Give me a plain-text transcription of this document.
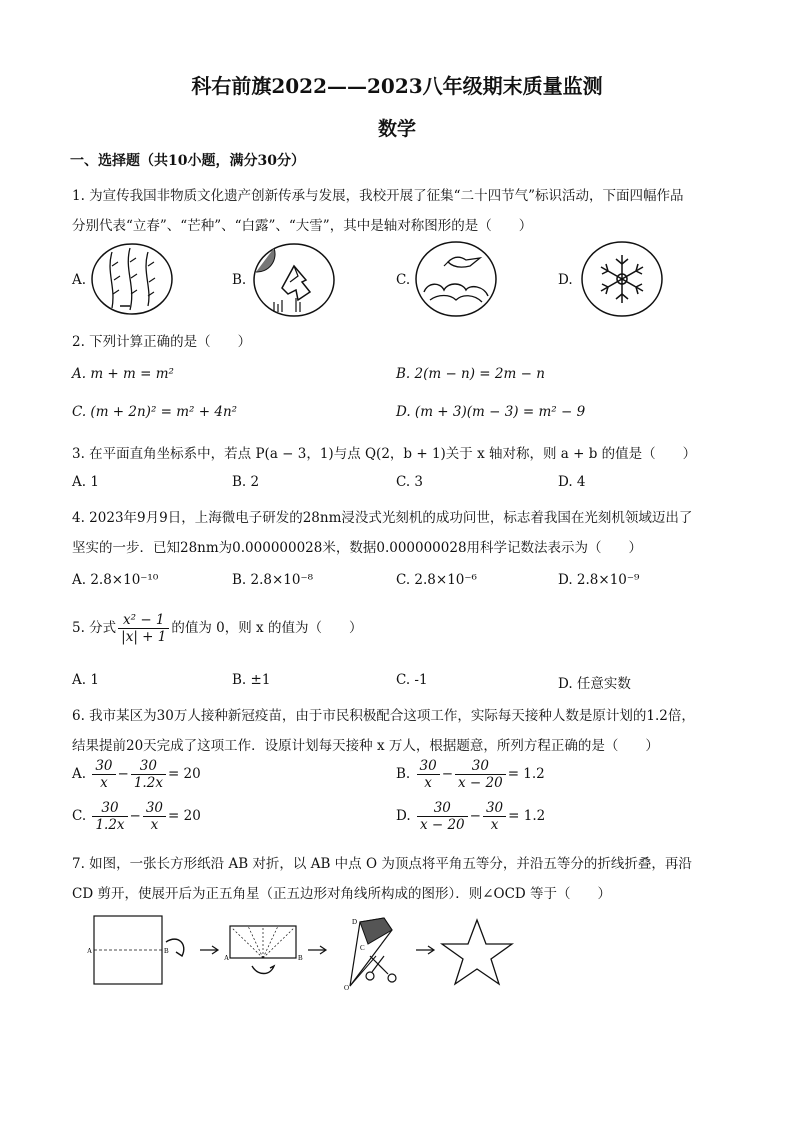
科右前旗2022——2023八年级期末质量监测
数学
一、选择题（共10小题，满分30分）
1. 为宣传我国非物质文化遗产创新传承与发展，我校开展了征集“二十四节气”标识活动，下面四幅作品
分别代表“立春”、“芒种”、“白露”、“大雪”，其中是轴对称图形的是（　　）
A.	B.	C.	D.
2. 下列计算正确的是（　　）
A. m + m = m²	B. 2(m − n) = 2m − n
C. (m + 2n)² = m² + 4n²	D. (m + 3)(m − 3) = m² − 9
3. 在平面直角坐标系中，若点 P(a − 3，1)与点 Q(2，b + 1)关于 x 轴对称，则 a + b 的值是（　　）
A. 1	B. 2	C. 3	D. 4
4. 2023年9月9日，上海微电子研发的28nm浸没式光刻机的成功问世，标志着我国在光刻机领域迈出了
坚实的一步．已知28nm为0.000000028米，数据0.000000028用科学记数法表示为（　　）
A. 2.8×10⁻¹⁰	B. 2.8×10⁻⁸	C. 2.8×10⁻⁶	D. 2.8×10⁻⁹
5. 分式 $\frac{\text{x² − 1}}{|x| + 1}$ 的值为 0，则 x 的值为（　　）
A. 1	B. ±1	C. -1	D. 任意实数
6. 我市某区为30万人接种新冠疫苗，由于市民积极配合这项工作，实际每天接种人数是原计划的1.2倍，
结果提前20天完成了这项工作．设原计划每天接种 x 万人，根据题意，所列方程正确的是（　　）
A. $\frac{30}{x} - \frac{30}{1.2x} = 20$	B. $\frac{30}{x} - \frac{30}{x - 20} = 1.2$
C. $\frac{30}{1.2x} - \frac{30}{x} = 20$	D. $\frac{30}{x - 20} - \frac{30}{x} = 1.2$
7. 如图，一张长方形纸沿 AB 对折，以 AB 中点 O 为顶点将平角五等分，并沿五等分的折线折叠，再沿
CD 剪开，使展开后为正五角星（正五边形对角线所构成的图形）．则∠OCD 等于（　　）
A	B
A	B
D
C
O
